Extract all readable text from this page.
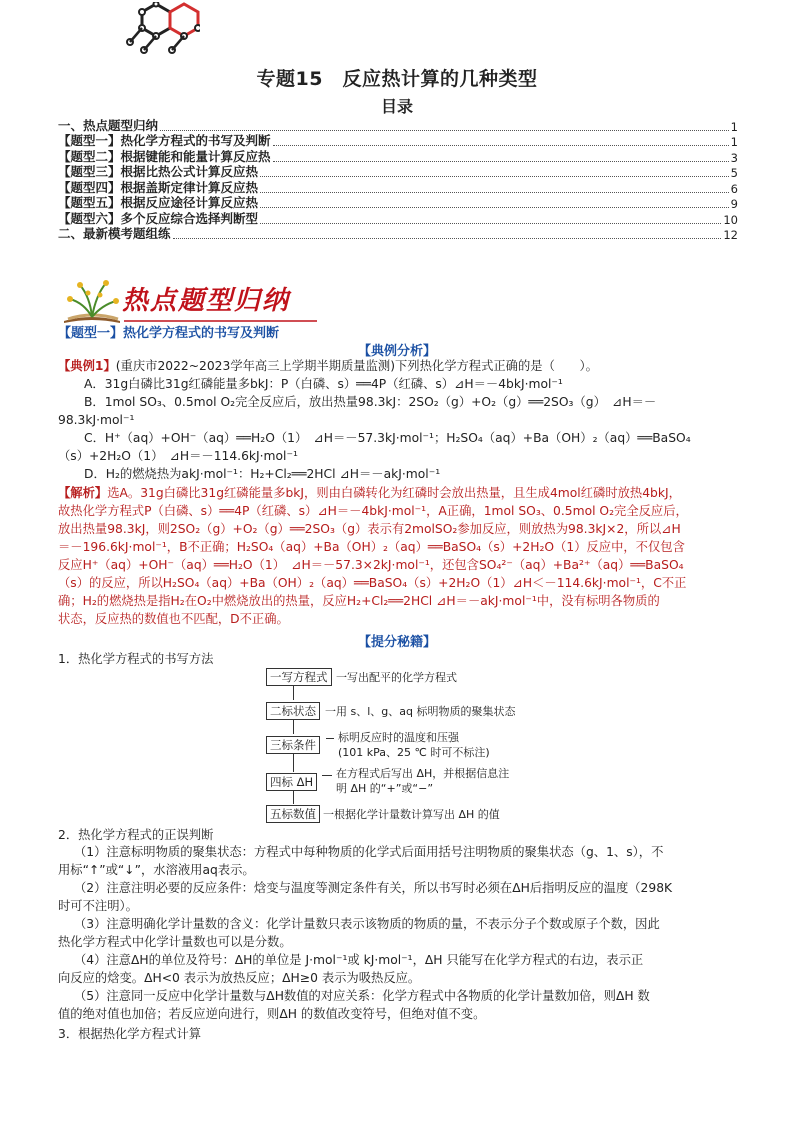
专题15　反应热计算的几种类型
目录
一、热点题型归纳	1
【题型一】热化学方程式的书写及判断	1
【题型二】根据键能和能量计算反应热	3
【题型三】根据比热公式计算反应热	5
【题型四】根据盖斯定律计算反应热	6
【题型五】根据反应途径计算反应热	9
【题型六】多个反应综合选择判断型	10
二、最新模考题组练	12
热点题型归纳
【题型一】热化学方程式的书写及判断
【典例分析】
【典例1】(重庆市2022~2023学年高三上学期半期质量监测)下列热化学方程式正确的是（　　）。
A．31g白磷比31g红磷能量多bkJ：P（白磷、s）══4P（红磷、s）⊿H＝－4bkJ·mol⁻¹
B．1mol SO₃、0.5mol O₂完全反应后，放出热量98.3kJ：2SO₂（g）+O₂（g）══2SO₃（g）　⊿H＝－
98.3kJ·mol⁻¹
C．H⁺（aq）+OH⁻（aq）══H₂O（1）　⊿H＝－57.3kJ·mol⁻¹；H₂SO₄（aq）+Ba（OH）₂（aq）══BaSO₄
（s）+2H₂O（1）　⊿H＝－114.6kJ·mol⁻¹
D．H₂的燃烧热为akJ·mol⁻¹：H₂+Cl₂══2HCl ⊿H＝－akJ·mol⁻¹
【解析】选A。31g白磷比31g红磷能量多bkJ，则由白磷转化为红磷时会放出热量，且生成4mol红磷时放热4bkJ，
故热化学方程式P（白磷、s）══4P（红磷、s）⊿H＝－4bkJ·mol⁻¹，A正确，1mol SO₃、0.5mol O₂完全反应后，
放出热量98.3kJ，则2SO₂（g）+O₂（g）══2SO₃（g）表示有2molSO₂参加反应，则放热为98.3kJ×2，所以⊿H
＝－196.6kJ·mol⁻¹，B不正确；H₂SO₄（aq）+Ba（OH）₂（aq）══BaSO₄（s）+2H₂O（1）反应中，不仅包含
反应H⁺（aq）+OH⁻（aq）══H₂O（1）　⊿H＝－57.3×2kJ·mol⁻¹，还包含SO₄²⁻（aq）+Ba²⁺（aq）══BaSO₄
（s）的反应，所以H₂SO₄（aq）+Ba（OH）₂（aq）══BaSO₄（s）+2H₂O（1）⊿H＜－114.6kJ·mol⁻¹，C不正
确；H₂的燃烧热是指H₂在O₂中燃烧放出的热量，反应H₂+Cl₂══2HCl ⊿H＝－akJ·mol⁻¹中，没有标明各物质的
状态，反应热的数值也不匹配，D不正确。
【提分秘籍】
1．热化学方程式的书写方法
一写方程式 一写出配平的化学方程式
二标状态 一用 s、l、g、aq 标明物质的聚集状态
三标条件
标明反应时的温度和压强
(101 kPa、25 ℃ 时可不标注)
四标 ΔH
在方程式后写出 ΔH，并根据信息注
明 ΔH 的“+”或“−”
五标数值 一根据化学计量数计算写出 ΔH 的值
2．热化学方程式的正误判断
（1）注意标明物质的聚集状态：方程式中每种物质的化学式后面用括号注明物质的聚集状态（g、1、s），不
用标“↑”或“↓”，水溶液用aq表示。
（2）注意注明必要的反应条件：焓变与温度等测定条件有关，所以书写时必须在ΔH后指明反应的温度（298K
时可不注明）。
（3）注意明确化学计量数的含义：化学计量数只表示该物质的物质的量，不表示分子个数或原子个数，因此
热化学方程式中化学计量数也可以是分数。
（4）注意ΔH的单位及符号：ΔH的单位是 J·mol⁻¹或 kJ·mol⁻¹，ΔH 只能写在化学方程式的右边，表示正
向反应的焓变。ΔH<0 表示为放热反应；ΔH≥0 表示为吸热反应。
（5）注意同一反应中化学计量数与ΔH数值的对应关系：化学方程式中各物质的化学计量数加倍，则ΔH 数
值的绝对值也加倍；若反应逆向进行，则ΔH 的数值改变符号，但绝对值不变。
3．根据热化学方程式计算
